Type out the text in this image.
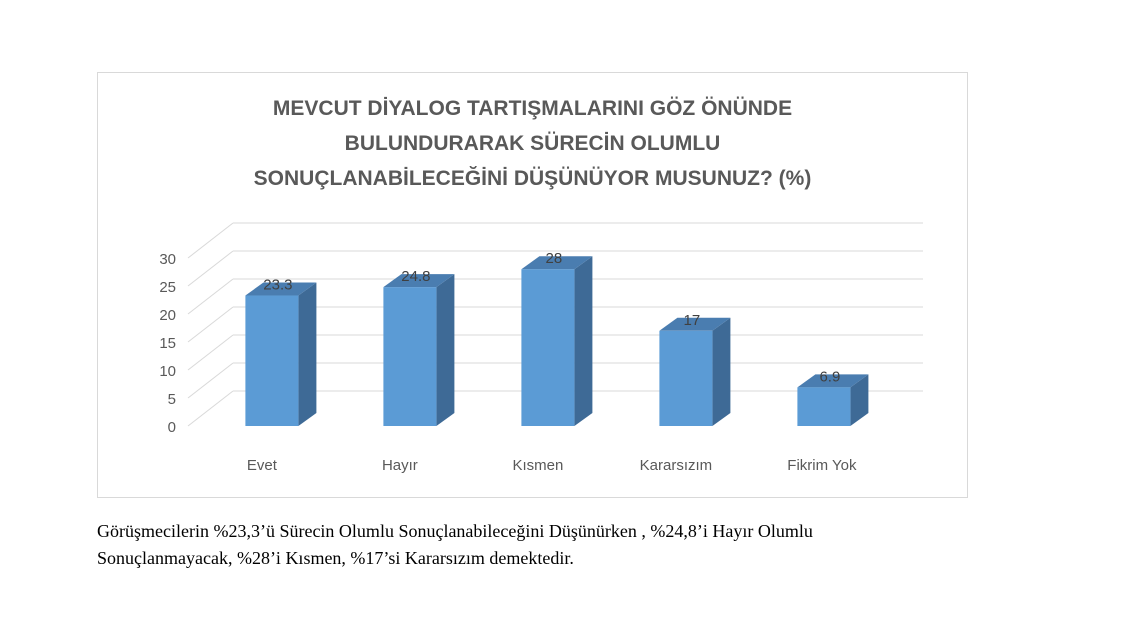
MEVCUT DİYALOG TARTIŞMALARINI GÖZ ÖNÜNDE
BULUNDURARAK SÜRECİN OLUMLU
SONUÇLANABİLECEĞİNİ DÜŞÜNÜYOR MUSUNUZ? (%)
0
5
10
15
20
25
30
23.3
Evet
24.8
Hayır
28
Kısmen
17
Kararsızım
6.9
Fikrim Yok
Görüşmecilerin %23,3’ü Sürecin Olumlu Sonuçlanabileceğini Düşünürken , %24,8’i Hayır Olumlu
Sonuçlanmayacak, %28’i Kısmen, %17’si Kararsızım demektedir.
